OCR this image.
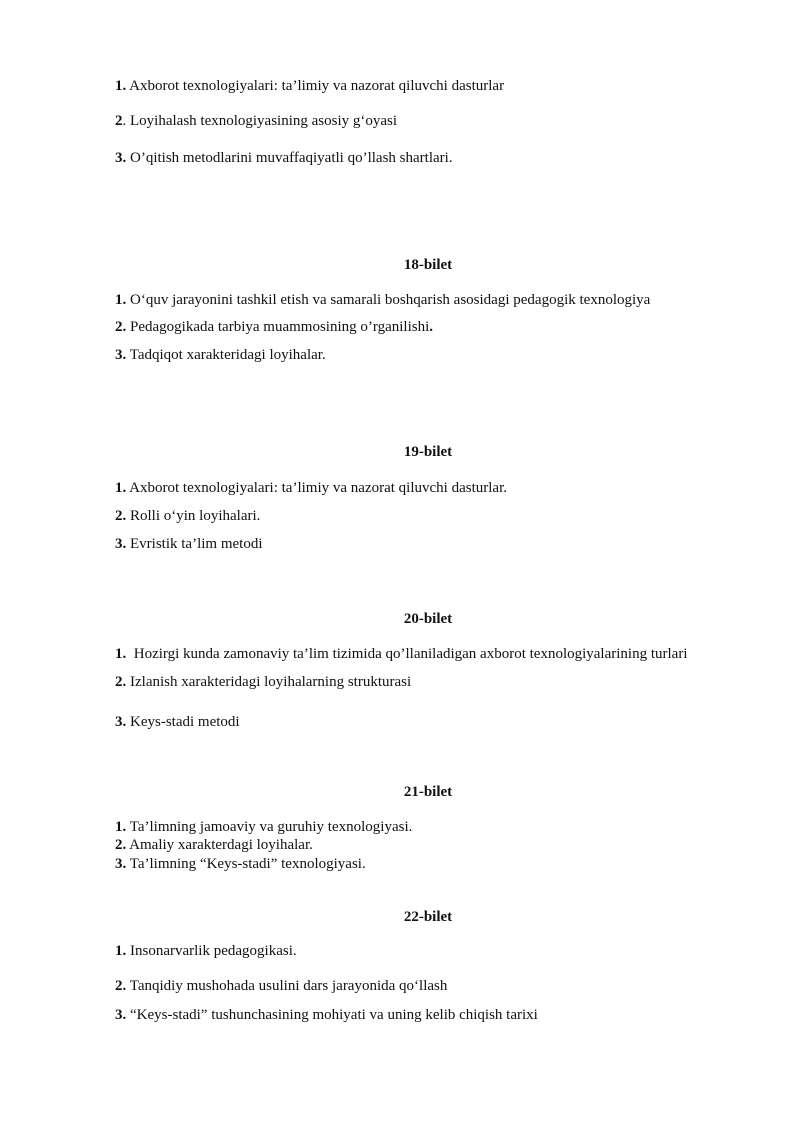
1. Axborot texnologiyalari: ta’limiy va nazorat qiluvchi dasturlar
2. Loyihalash texnologiyasining asosiy g‘oyasi
3. O’qitish metodlarini muvaffaqiyatli qo’llash shartlari.
18-bilet
1. O‘quv jarayonini tashkil etish va samarali boshqarish asosidagi pedagogik texnologiya
2. Pedagogikada tarbiya muammosining o’rganilishi.
3. Tadqiqot xarakteridagi loyihalar.
19-bilet
1. Axborot texnologiyalari: ta’limiy va nazorat qiluvchi dasturlar.
2. Rolli o‘yin loyihalari.
3. Evristik ta’lim metodi
20-bilet
1.  Hozirgi kunda zamonaviy ta’lim tizimida qo’llaniladigan axborot texnologiyalarining turlari
2. Izlanish xarakteridagi loyihalarning strukturasi
3. Keys-stadi metodi
21-bilet
1. Ta’limning jamoaviy va guruhiy texnologiyasi.
2. Amaliy xarakterdagi loyihalar.
3. Ta’limning “Keys-stadi” texnologiyasi.
22-bilet
1. Insonarvarlik pedagogikasi.
2. Tanqidiy mushohada usulini dars jarayonida qo‘llash
3. “Keys-stadi” tushunchasining mohiyati va uning kelib chiqish tarixi
